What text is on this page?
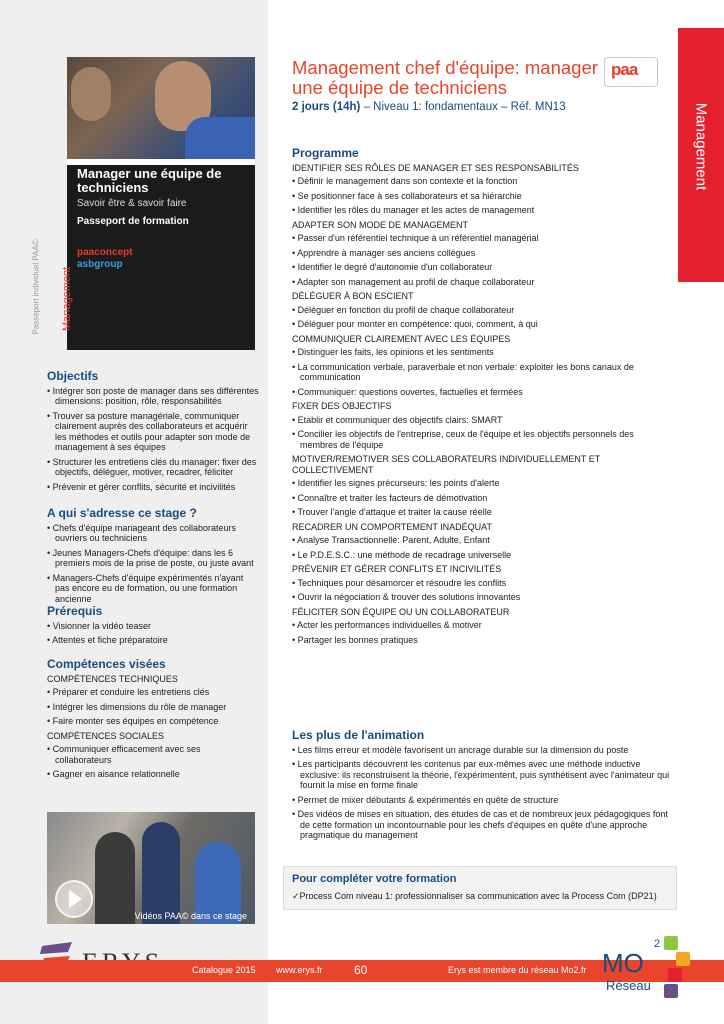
Passeport individuel PAA©
Manager une équipe de techniciens
Savoir être & savoir faire
Passeport de formation
paaconcept
asbgroup
Management
Objectifs
• Intégrer son poste de manager dans ses différentes dimensions: position, rôle, responsabilités
• Trouver sa posture managériale, communiquer clairement auprès des collaborateurs et acquérir les méthodes et outils pour adapter son mode de management à ses équipes
• Structurer les entretiens clés du manager: fixer des objectifs, déléguer, motiver, recadrer, féliciter
• Prévenir et gérer conflits, sécurité et incivilités
A qui s'adresse ce stage ?
• Chefs d'équipe manageant des collaborateurs ouvriers ou techniciens
• Jeunes Managers-Chefs d'équipe: dans les 6 premiers mois de la prise de poste, ou juste avant
• Managers-Chefs d'équipe expérimentés n'ayant pas encore eu de formation, ou une formation ancienne
Prérequis
• Visionner la vidéo teaser
• Attentes et fiche préparatoire
Compétences visées
COMPÉTENCES TECHNIQUES
• Préparer et conduire les entretiens clés
• Intégrer les dimensions du rôle de manager
• Faire monter ses équipes en compétence
COMPÉTENCES SOCIALES
• Communiquer efficacement avec ses collaborateurs
• Gagner en aisance relationnelle
Vidéos PAA© dans ce stage
Management chef d'équipe: manager une équipe de techniciens
paa
2 jours (14h) – Niveau 1: fondamentaux – Réf. MN13	Management
Programme
IDENTIFIER SES RÔLES DE MANAGER ET SES RESPONSABILITÉS
• Définir le management dans son contexte et la fonction
• Se positionner face à ses collaborateurs et sa hiérarchie
• Identifier les rôles du manager et les actes de management
ADAPTER SON MODE DE MANAGEMENT
• Passer d'un référentiel technique à un référentiel managérial
• Apprendre à manager ses anciens collègues
• Identifier le degré d'autonomie d'un collaborateur
• Adapter son management au profil de chaque collaborateur
DÉLÉGUER À BON ESCIENT
• Déléguer en fonction du profil de chaque collaborateur
• Déléguer pour monter en compétence: quoi, comment, à qui
COMMUNIQUER CLAIREMENT AVEC LES ÉQUIPES
• Distinguer les faits, les opinions et les sentiments
• La communication verbale, paraverbale et non verbale: exploiter les bons canaux de communication
• Communiquer: questions ouvertes, factuelles et fermées
FIXER DES OBJECTIFS
• Etablir et communiquer des objectifs clairs: SMART
• Concilier les objectifs de l'entreprise, ceux de l'équipe et les objectifs personnels des membres de l'équipe
MOTIVER/REMOTIVER SES COLLABORATEURS INDIVIDUELLEMENT ET COLLECTIVEMENT
• Identifier les signes précurseurs: les points d'alerte
• Connaître et traiter les facteurs de démotivation
• Trouver l'angle d'attaque et traiter la cause réelle
RECADRER UN COMPORTEMENT INADÉQUAT
• Analyse Transactionnelle: Parent, Adulte, Enfant
• Le P.D.E.S.C.: une méthode de recadrage universelle
PRÉVENIR ET GÉRER CONFLITS ET INCIVILITÉS
• Techniques pour désamorcer et résoudre les conflits
• Ouvrir la négociation & trouver des solutions innovantes
FÉLICITER SON ÉQUIPE OU UN COLLABORATEUR
• Acter les performances individuelles & motiver
• Partager les bonnes pratiques
Les plus de l'animation
• Les films erreur et modèle favorisent un ancrage durable sur la dimension du poste
• Les participants découvrent les contenus par eux-mêmes avec une méthode inductive exclusive: ils reconstruisent la théorie, l'expérimentent, puis synthétisent avec l'animateur qui fournit la mise en forme finale
• Permet de mixer débutants & expérimentés en quête de structure
• Des vidéos de mises en situation, des études de cas et de nombreux jeux pédagogiques font de cette formation un incontournable pour les chefs d'équipes en quête d'une approche pragmatique du management
Pour compléter votre formation
✓Process Com niveau 1: professionnaliser sa communication avec la Process Com (DP21)
Catalogue 2015 www.erys.fr	60	Erys est membre du réseau Mo2.fr MO
2
Réseau
